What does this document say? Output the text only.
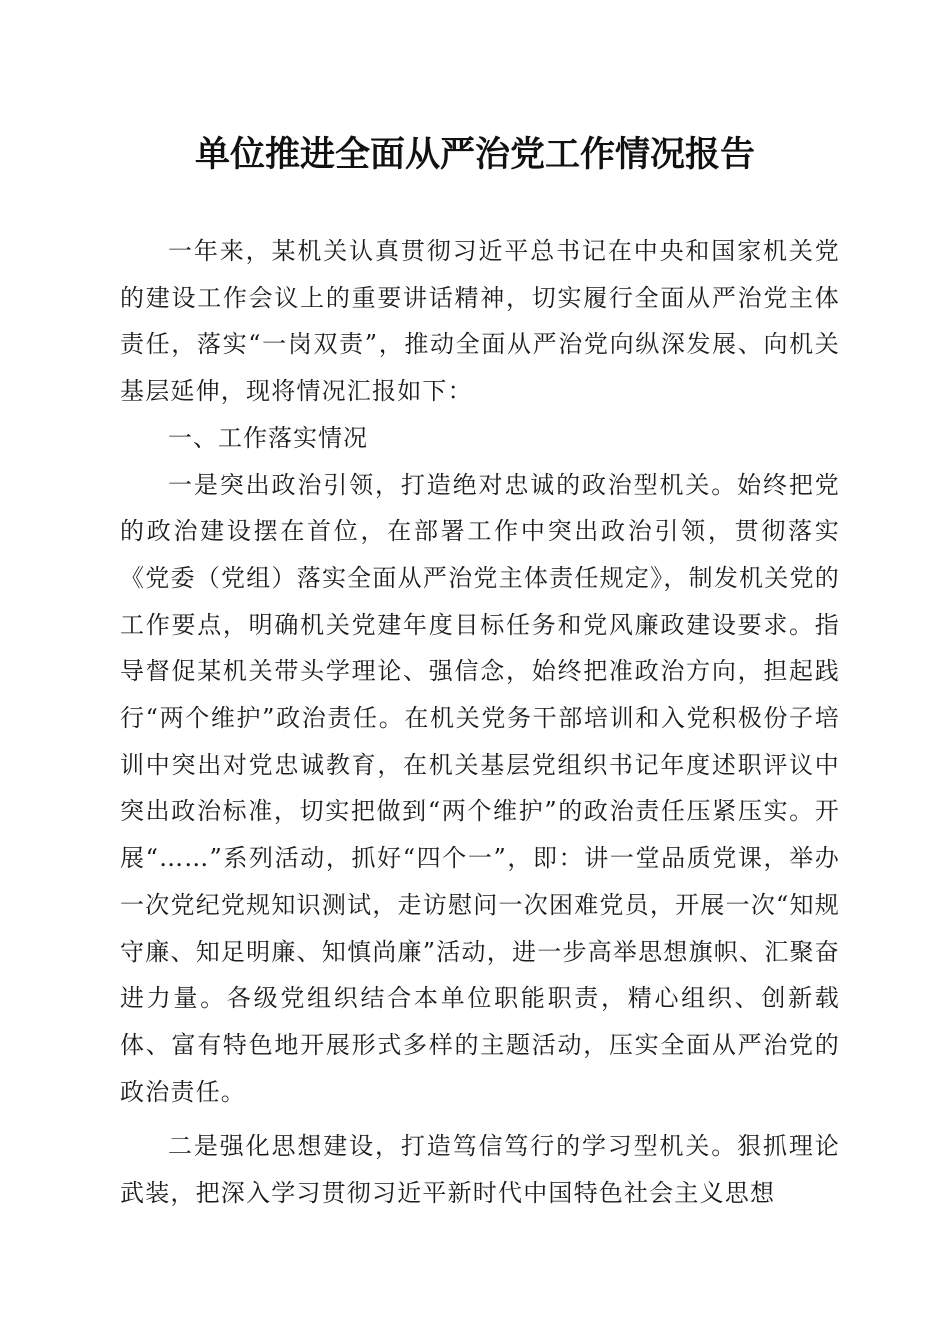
单位推进全面从严治党工作情况报告

一年来，某机关认真贯彻习近平总书记在中央和国家机关党的建设工作会议上的重要讲话精神，切实履行全面从严治党主体责任，落实“一岗双责”，推动全面从严治党向纵深发展、向机关基层延伸，现将情况汇报如下：

一、工作落实情况

一是突出政治引领，打造绝对忠诚的政治型机关。始终把党的政治建设摆在首位，在部署工作中突出政治引领，贯彻落实《党委（党组）落实全面从严治党主体责任规定》，制发机关党的工作要点，明确机关党建年度目标任务和党风廉政建设要求。指导督促某机关带头学理论、强信念，始终把准政治方向，担起践行“两个维护”政治责任。在机关党务干部培训和入党积极份子培训中突出对党忠诚教育，在机关基层党组织书记年度述职评议中突出政治标准，切实把做到“两个维护”的政治责任压紧压实。开展“……”系列活动，抓好“四个一”，即：讲一堂品质党课，举办一次党纪党规知识测试，走访慰问一次困难党员，开展一次“知规守廉、知足明廉、知慎尚廉”活动，进一步高举思想旗帜、汇聚奋进力量。各级党组织结合本单位职能职责，精心组织、创新载体、富有特色地开展形式多样的主题活动，压实全面从严治党的政治责任。

二是强化思想建设，打造笃信笃行的学习型机关。狠抓理论武装，把深入学习贯彻习近平新时代中国特色社会主义思想
